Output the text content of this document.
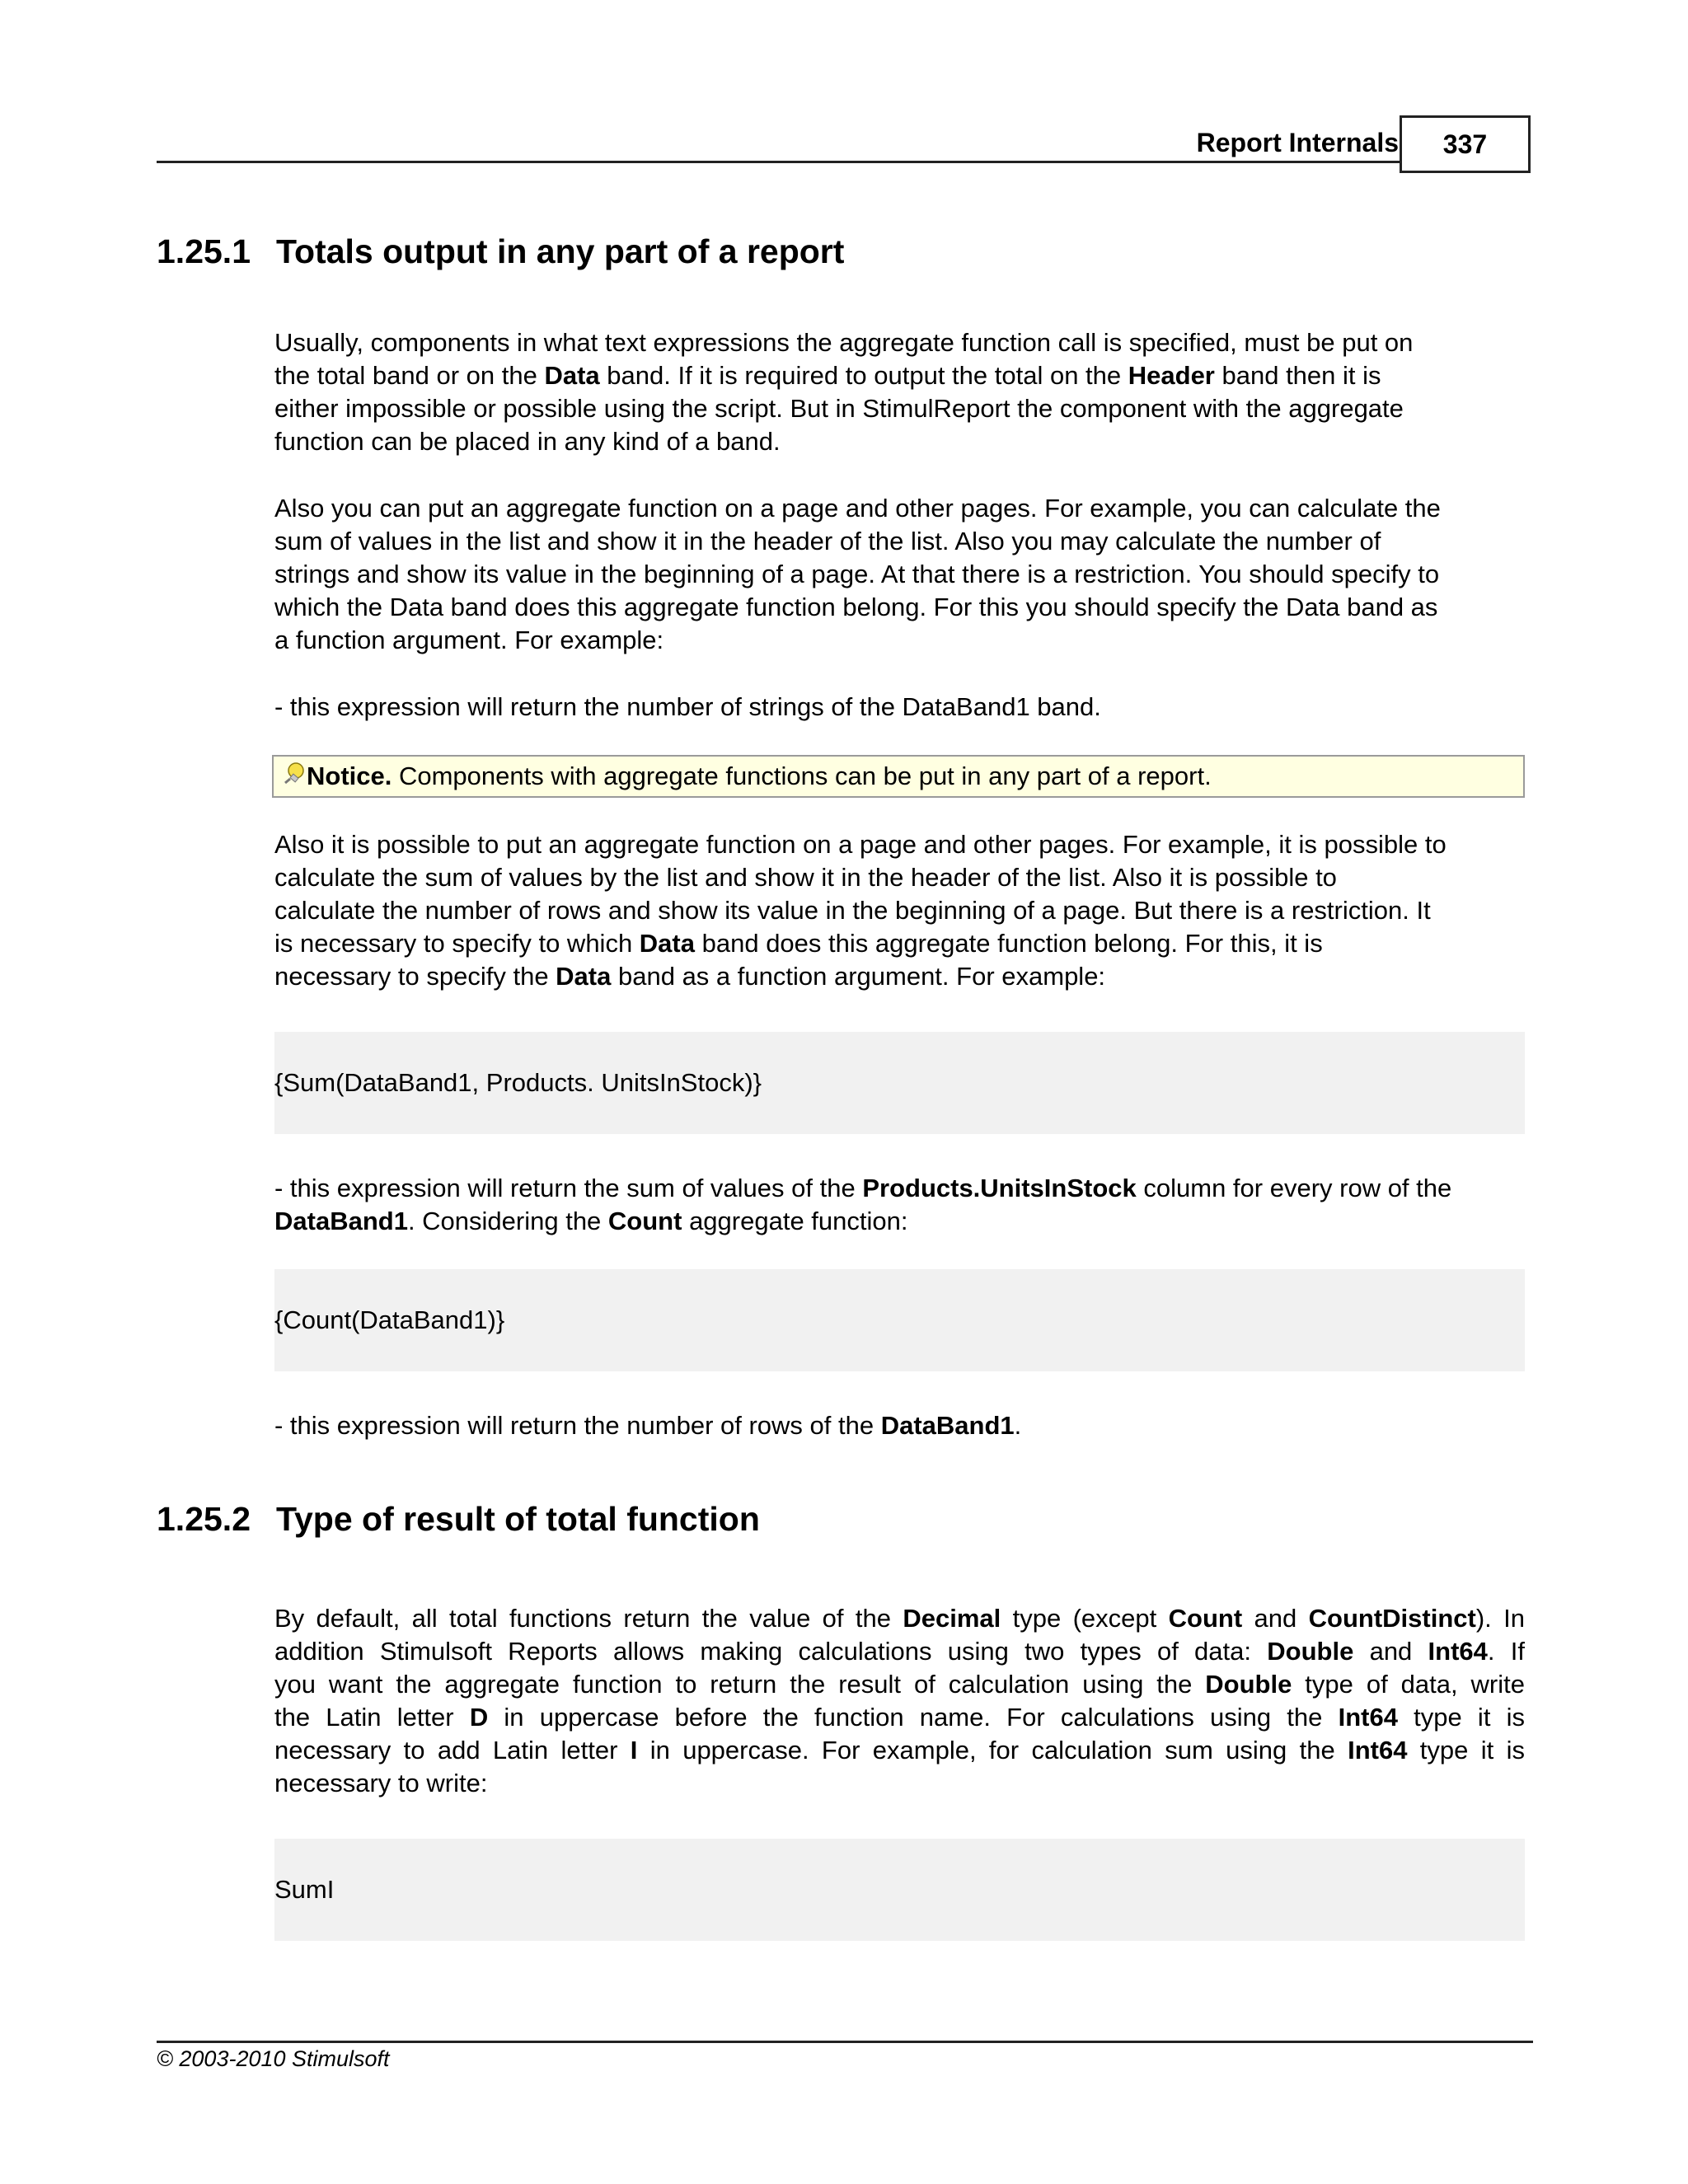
Report Internals 337
1.25.1 Totals output in any part of a report
Usually, components in what text expressions the aggregate function call is specified, must be put on
the total band or on the Data band. If it is required to output the total on the Header band then it is
either impossible or possible using the script. But in StimulReport the component with the aggregate
function can be placed in any kind of a band.
Also you can put an aggregate function on a page and other pages. For example, you can calculate the
sum of values in the list and show it in the header of the list. Also you may calculate the number of
strings and show its value in the beginning of a page. At that there is a restriction. You should specify to
which the Data band does this aggregate function belong. For this you should specify the Data band as
a function argument. For example:
- this expression will return the number of strings of the DataBand1 band.
Notice. Components with aggregate functions can be put in any part of a report.
Also it is possible to put an aggregate function on a page and other pages. For example, it is possible to
calculate the sum of values by the list and show it in the header of the list. Also it is possible to
calculate the number of rows and show its value in the beginning of a page. But there is a restriction. It
is necessary to specify to which Data band does this aggregate function belong. For this, it is
necessary to specify the Data band as a function argument. For example:
{Sum(DataBand1, Products. UnitsInStock)}
- this expression will return the sum of values of the Products.UnitsInStock column for every row of the
DataBand1. Considering the Count aggregate function:
{Count(DataBand1)}
- this expression will return the number of rows of the DataBand1.
1.25.2 Type of result of total function
By default, all total functions return the value of the Decimal type (except Count and CountDistinct). In
addition Stimulsoft Reports allows making calculations using two types of data: Double and Int64. If
you want the aggregate function to return the result of calculation using the Double type of data, write
the Latin letter D in uppercase before the function name. For calculations using the Int64 type it is
necessary to add Latin letter I in uppercase. For example, for calculation sum using the Int64 type it is
necessary to write:
SumI
© 2003-2010 Stimulsoft
